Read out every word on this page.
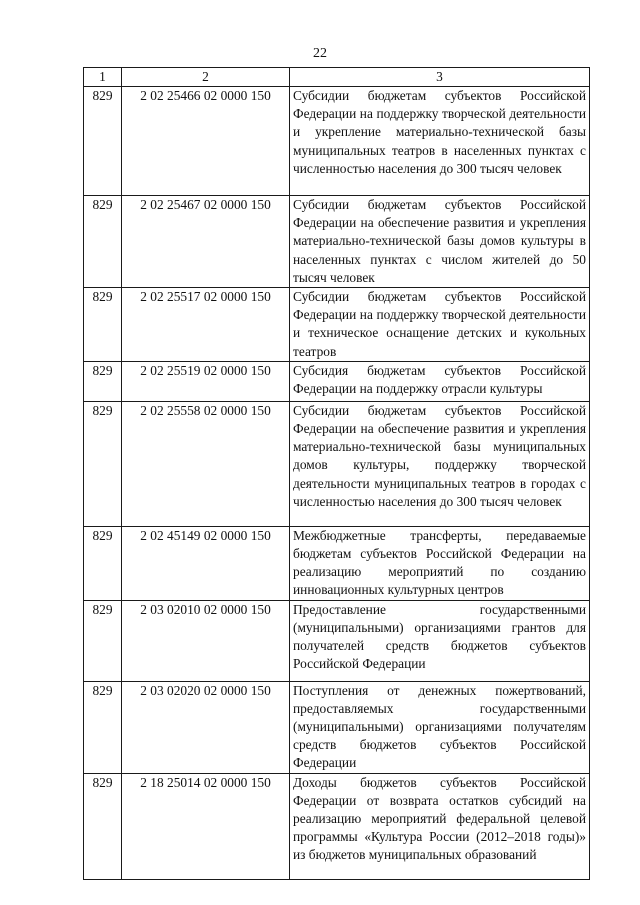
22
1	2	3
829	2 02 25466 02 0000 150	Субсидии бюджетам субъектов Российской Федерации на поддержку творческой деятельности и укрепление материально-технической базы муниципальных театров в населенных пунктах с численностью населения до 300 тысяч человек
829	2 02 25467 02 0000 150	Субсидии бюджетам субъектов Российской Федерации на обеспечение развития и укрепления материально-технической базы домов культуры в населенных пунктах с числом жителей до 50 тысяч человек
829	2 02 25517 02 0000 150	Субсидии бюджетам субъектов Российской Федерации на поддержку творческой деятельности и техническое оснащение детских и кукольных театров
829	2 02 25519 02 0000 150	Субсидия бюджетам субъектов Российской Федерации на поддержку отрасли культуры
829	2 02 25558 02 0000 150	Субсидии бюджетам субъектов Российской Федерации на обеспечение развития и укрепления материально-технической базы муниципальных домов культуры, поддержку творческой деятельности муниципальных театров в городах с численностью населения до 300 тысяч человек
829	2 02 45149 02 0000 150	Межбюджетные трансферты, передаваемые бюджетам субъектов Российской Федерации на реализацию мероприятий по созданию инновационных культурных центров
829	2 03 02010 02 0000 150	Предоставление государственными (муниципальными) организациями грантов для получателей средств бюджетов субъектов Российской Федерации
829	2 03 02020 02 0000 150	Поступления от денежных пожертвований, предоставляемых государственными (муниципальными) организациями получателям средств бюджетов субъектов Российской Федерации
829	2 18 25014 02 0000 150	Доходы бюджетов субъектов Российской Федерации от возврата остатков субсидий на реализацию мероприятий федеральной целевой программы «Культура России (2012–2018 годы)» из бюджетов муниципальных образований
